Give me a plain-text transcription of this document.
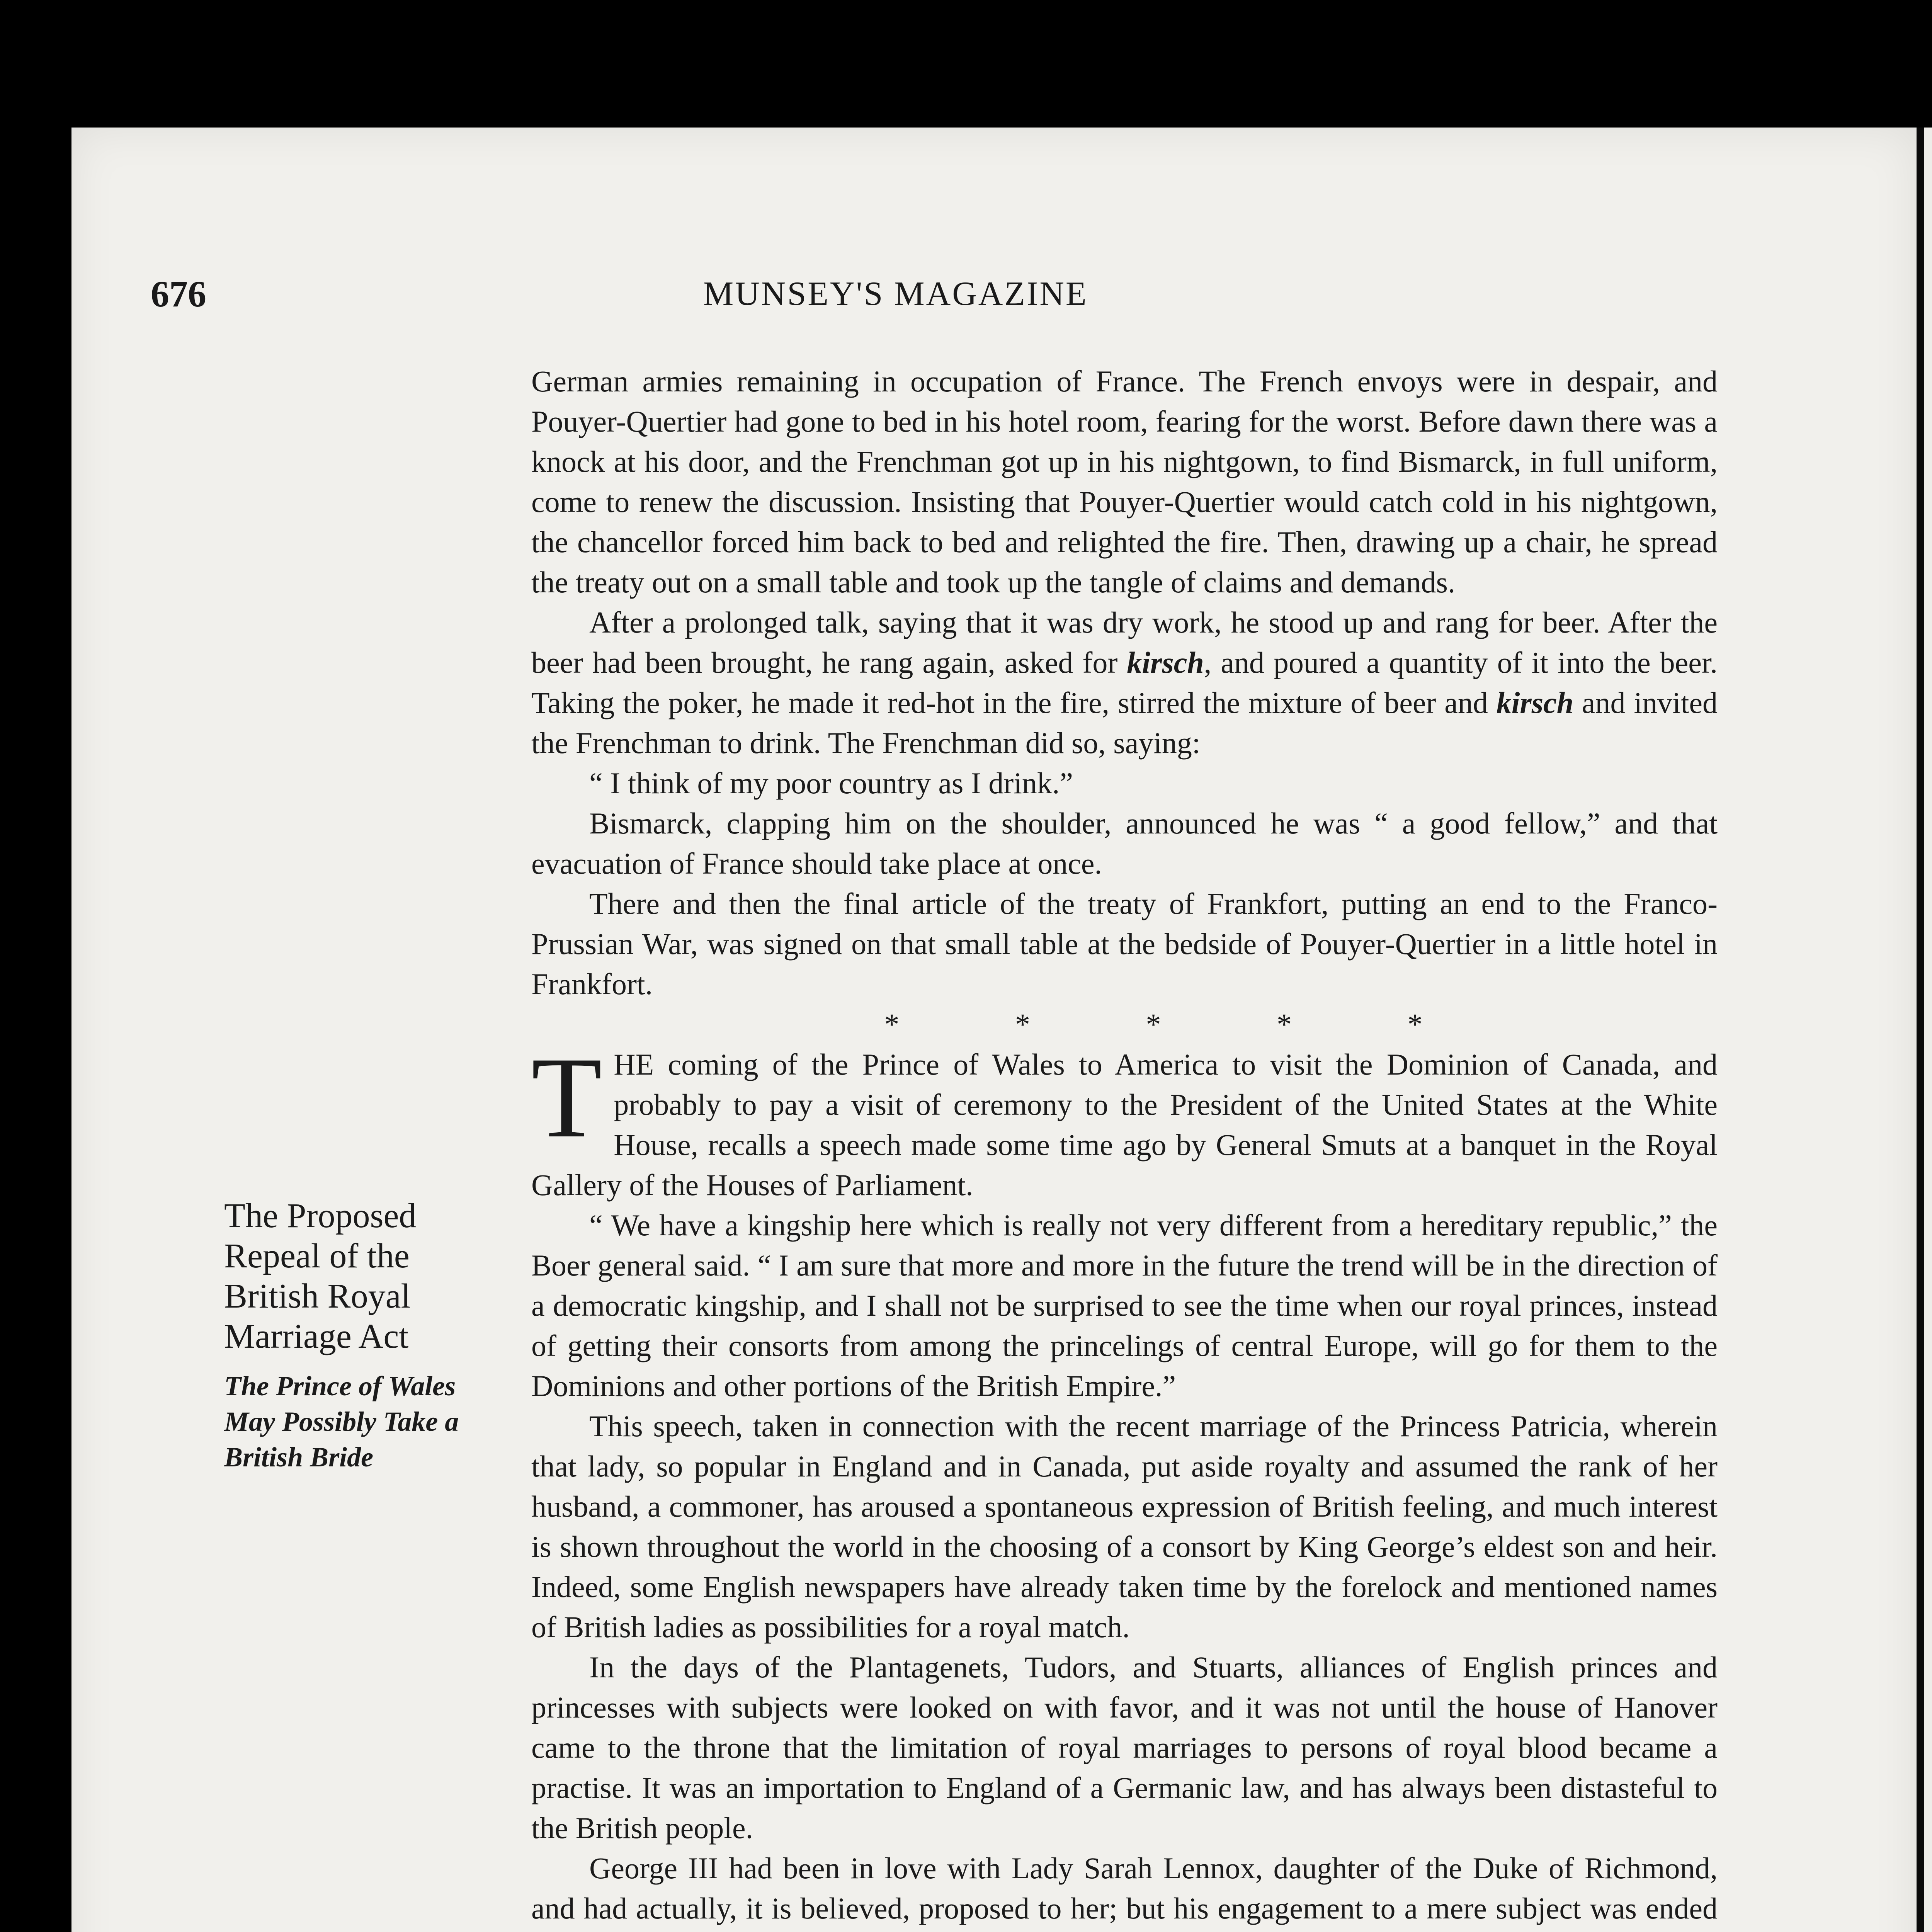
676	MUNSEY'S MAGAZINE

The Proposed Repeal of the British Royal Marriage Act

The Prince of Wales May Possibly Take a British Bride

German armies remaining in occupation of France. The French envoys were in despair, and Pouyer-Quertier had gone to bed in his hotel room, fearing for the worst. Before dawn there was a knock at his door, and the Frenchman got up in his nightgown, to find Bismarck, in full uniform, come to renew the discussion. Insisting that Pouyer-Quertier would catch cold in his nightgown, the chancellor forced him back to bed and relighted the fire. Then, drawing up a chair, he spread the treaty out on a small table and took up the tangle of claims and demands.

After a prolonged talk, saying that it was dry work, he stood up and rang for beer. After the beer had been brought, he rang again, asked for kirsch, and poured a quantity of it into the beer. Taking the poker, he made it red-hot in the fire, stirred the mixture of beer and kirsch and invited the Frenchman to drink. The Frenchman did so, saying:

“ I think of my poor country as I drink.”

Bismarck, clapping him on the shoulder, announced he was “ a good fellow,” and that evacuation of France should take place at once.

There and then the final article of the treaty of Frankfort, putting an end to the Franco-Prussian War, was signed on that small table at the bedside of Pouyer-Quertier in a little hotel in Frankfort.

* * * * *

THE coming of the Prince of Wales to America to visit the Dominion of Canada, and probably to pay a visit of ceremony to the President of the United States at the White House, recalls a speech made some time ago by General Smuts at a banquet in the Royal Gallery of the Houses of Parliament.

“ We have a kingship here which is really not very different from a hereditary republic,” the Boer general said. “ I am sure that more and more in the future the trend will be in the direction of a democratic kingship, and I shall not be surprised to see the time when our royal princes, instead of getting their consorts from among the princelings of central Europe, will go for them to the Dominions and other portions of the British Empire.”

This speech, taken in connection with the recent marriage of the Princess Patricia, wherein that lady, so popular in England and in Canada, put aside royalty and assumed the rank of her husband, a commoner, has aroused a spontaneous expression of British feeling, and much interest is shown throughout the world in the choosing of a consort by King George’s eldest son and heir. Indeed, some English newspapers have already taken time by the forelock and mentioned names of British ladies as possibilities for a royal match.

In the days of the Plantagenets, Tudors, and Stuarts, alliances of English princes and princesses with subjects were looked on with favor, and it was not until the house of Hanover came to the throne that the limitation of royal marriages to persons of royal blood became a practise. It was an importation to England of a Germanic law, and has always been distasteful to the British people.

George III had been in love with Lady Sarah Lennox, daughter of the Duke of Richmond, and had actually, it is believed, proposed to her; but his engagement to a mere subject was ended
